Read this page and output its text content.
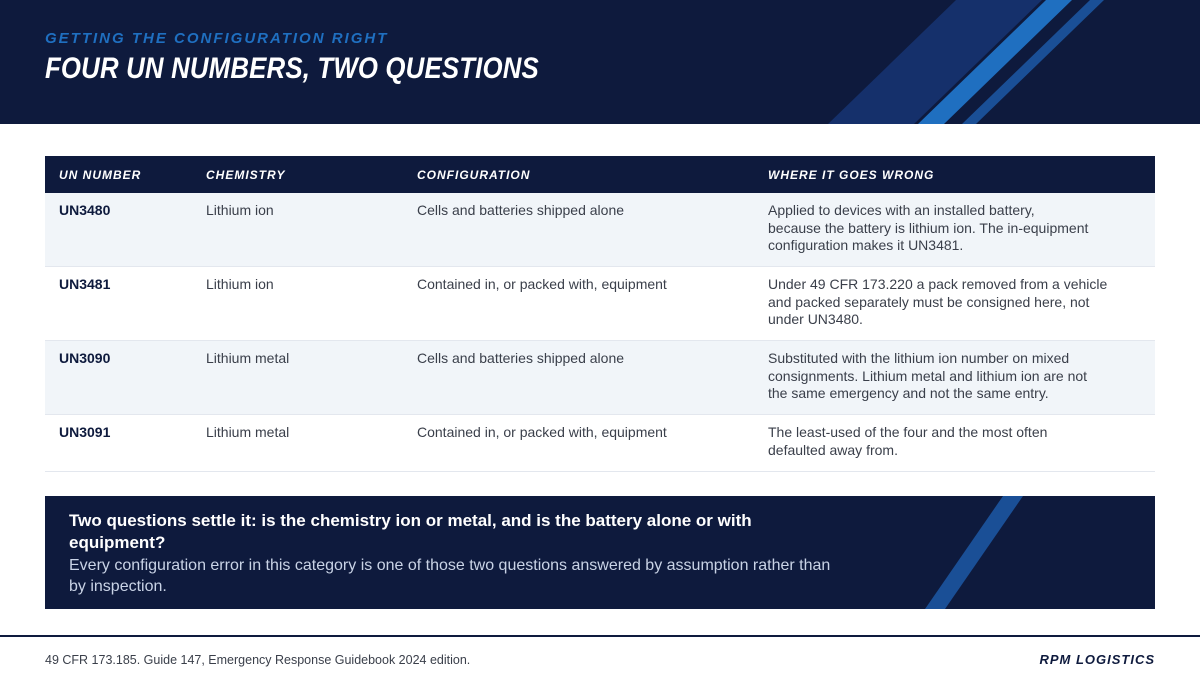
GETTING THE CONFIGURATION RIGHT
FOUR UN NUMBERS, TWO QUESTIONS
UN NUMBER	CHEMISTRY	CONFIGURATION	WHERE IT GOES WRONG
UN3480	Lithium ion	Cells and batteries shipped alone	Applied to devices with an installed battery,
because the battery is lithium ion. The in-equipment
configuration makes it UN3481.
UN3481	Lithium ion	Contained in, or packed with, equipment	Under 49 CFR 173.220 a pack removed from a vehicle
and packed separately must be consigned here, not
under UN3480.
UN3090	Lithium metal	Cells and batteries shipped alone	Substituted with the lithium ion number on mixed
consignments. Lithium metal and lithium ion are not
the same emergency and not the same entry.
UN3091	Lithium metal	Contained in, or packed with, equipment	The least-used of the four and the most often
defaulted away from.
Two questions settle it: is the chemistry ion or metal, and is the battery alone or with equipment?
Every configuration error in this category is one of those two questions answered by assumption rather than by inspection.
49 CFR 173.185. Guide 147, Emergency Response Guidebook 2024 edition.	RPM LOGISTICS
